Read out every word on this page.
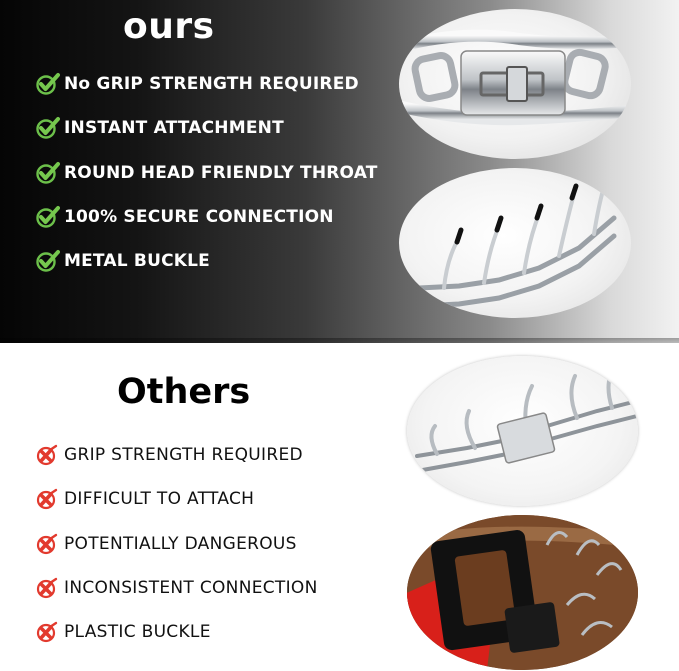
ours
No GRIP STRENGTH REQUIRED
INSTANT ATTACHMENT
ROUND HEAD FRIENDLY THROAT
100% SECURE CONNECTION
METAL BUCKLE
Others
GRIP STRENGTH REQUIRED
DIFFICULT TO ATTACH
POTENTIALLY DANGEROUS
INCONSISTENT CONNECTION
PLASTIC BUCKLE
